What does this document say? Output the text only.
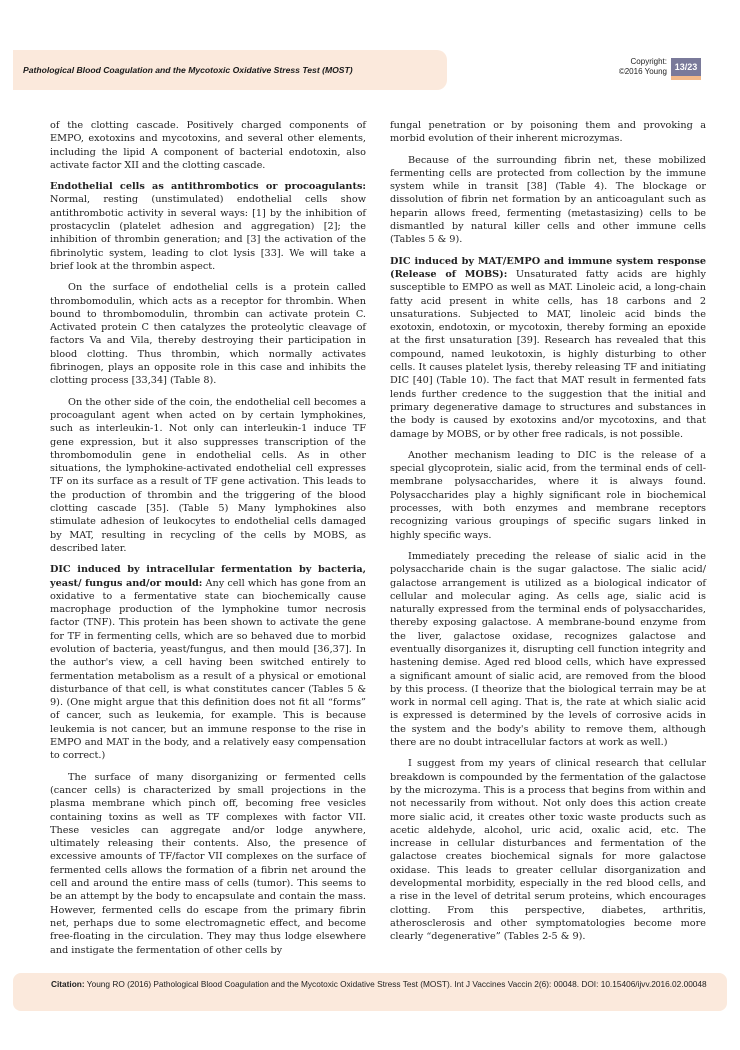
Pathological Blood Coagulation and the Mycotoxic Oxidative Stress Test (MOST)
Copyright:
©2016 Young 13/23

of the clotting cascade. Positively charged components of EMPO, exotoxins and mycotoxins, and several other elements, including the lipid A component of bacterial endotoxin, also activate factor XII and the clotting cascade.

Endothelial cells as antithrombotics or procoagulants: Normal, resting (unstimulated) endothelial cells show antithrombotic activity in several ways: [1] by the inhibition of prostacyclin (platelet adhesion and aggregation) [2]; the inhibition of thrombin generation; and [3] the activation of the fibrinolytic system, leading to clot lysis [33]. We will take a brief look at the thrombin aspect.

On the surface of endothelial cells is a protein called thrombomodulin, which acts as a receptor for thrombin. When bound to thrombomodulin, thrombin can activate protein C. Activated protein C then catalyzes the proteolytic cleavage of factors Va and Vila, thereby destroying their participation in blood clotting. Thus thrombin, which normally activates fibrinogen, plays an opposite role in this case and inhibits the clotting process [33,34] (Table 8).

On the other side of the coin, the endothelial cell becomes a procoagulant agent when acted on by certain lymphokines, such as interleukin-1. Not only can interleukin-1 induce TF gene expression, but it also suppresses transcription of the thrombomodulin gene in endothelial cells. As in other situations, the lymphokine-activated endothelial cell expresses TF on its surface as a result of TF gene activation. This leads to the production of thrombin and the triggering of the blood clotting cascade [35]. (Table 5) Many lymphokines also stimulate adhesion of leukocytes to endothelial cells damaged by MAT, resulting in recycling of the cells by MOBS, as described later.

DIC induced by intracellular fermentation by bacteria, yeast/ fungus and/or mould: Any cell which has gone from an oxidative to a fermentative state can biochemically cause macrophage production of the lymphokine tumor necrosis factor (TNF). This protein has been shown to activate the gene for TF in fermenting cells, which are so behaved due to morbid evolution of bacteria, yeast/fungus, and then mould [36,37]. In the author's view, a cell having been switched entirely to fermentation metabolism as a result of a physical or emotional disturbance of that cell, is what constitutes cancer (Tables 5 & 9). (One might argue that this definition does not fit all “forms” of cancer, such as leukemia, for example. This is because leukemia is not cancer, but an immune response to the rise in EMPO and MAT in the body, and a relatively easy compensation to correct.)

The surface of many disorganizing or fermented cells (cancer cells) is characterized by small projections in the plasma membrane which pinch off, becoming free vesicles containing toxins as well as TF complexes with factor VII. These vesicles can aggregate and/or lodge anywhere, ultimately releasing their contents. Also, the presence of excessive amounts of TF/factor VII complexes on the surface of fermented cells allows the formation of a fibrin net around the cell and around the entire mass of cells (tumor). This seems to be an attempt by the body to encapsulate and contain the mass. However, fermented cells do escape from the primary fibrin net, perhaps due to some electromagnetic effect, and become free-floating in the circulation. They may thus lodge elsewhere and instigate the fermentation of other cells by

fungal penetration or by poisoning them and provoking a morbid evolution of their inherent microzymas.

Because of the surrounding fibrin net, these mobilized fermenting cells are protected from collection by the immune system while in transit [38] (Table 4). The blockage or dissolution of fibrin net formation by an anticoagulant such as heparin allows freed, fermenting (metastasizing) cells to be dismantled by natural killer cells and other immune cells (Tables 5 & 9).

DIC induced by MAT/EMPO and immune system response (Release of MOBS): Unsaturated fatty acids are highly susceptible to EMPO as well as MAT. Linoleic acid, a long-chain fatty acid present in white cells, has 18 carbons and 2 unsaturations. Subjected to MAT, linoleic acid binds the exotoxin, endotoxin, or mycotoxin, thereby forming an epoxide at the first unsaturation [39]. Research has revealed that this compound, named leukotoxin, is highly disturbing to other cells. It causes platelet lysis, thereby releasing TF and initiating DIC [40] (Table 10). The fact that MAT result in fermented fats lends further credence to the suggestion that the initial and primary degenerative damage to structures and substances in the body is caused by exotoxins and/or mycotoxins, and that damage by MOBS, or by other free radicals, is not possible.

Another mechanism leading to DIC is the release of a special glycoprotein, sialic acid, from the terminal ends of cell-membrane polysaccharides, where it is always found. Polysaccharides play a highly significant role in biochemical processes, with both enzymes and membrane receptors recognizing various groupings of specific sugars linked in highly specific ways.

Immediately preceding the release of sialic acid in the polysaccharide chain is the sugar galactose. The sialic acid/ galactose arrangement is utilized as a biological indicator of cellular and molecular aging. As cells age, sialic acid is naturally expressed from the terminal ends of polysaccharides, thereby exposing galactose. A membrane-bound enzyme from the liver, galactose oxidase, recognizes galactose and eventually disorganizes it, disrupting cell function integrity and hastening demise. Aged red blood cells, which have expressed a significant amount of sialic acid, are removed from the blood by this process. (I theorize that the biological terrain may be at work in normal cell aging. That is, the rate at which sialic acid is expressed is determined by the levels of corrosive acids in the system and the body's ability to remove them, although there are no doubt intracellular factors at work as well.)

I suggest from my years of clinical research that cellular breakdown is compounded by the fermentation of the galactose by the microzyma. This is a process that begins from within and not necessarily from without. Not only does this action create more sialic acid, it creates other toxic waste products such as acetic aldehyde, alcohol, uric acid, oxalic acid, etc. The increase in cellular disturbances and fermentation of the galactose creates biochemical signals for more galactose oxidase. This leads to greater cellular disorganization and developmental morbidity, especially in the red blood cells, and a rise in the level of detrital serum proteins, which encourages clotting. From this perspective, diabetes, arthritis, atherosclerosis and other symptomatologies become more clearly “degenerative” (Tables 2-5 & 9).

Citation: Young RO (2016) Pathological Blood Coagulation and the Mycotoxic Oxidative Stress Test (MOST). Int J Vaccines Vaccin 2(6): 00048. DOI: 10.15406/ijvv.2016.02.00048
